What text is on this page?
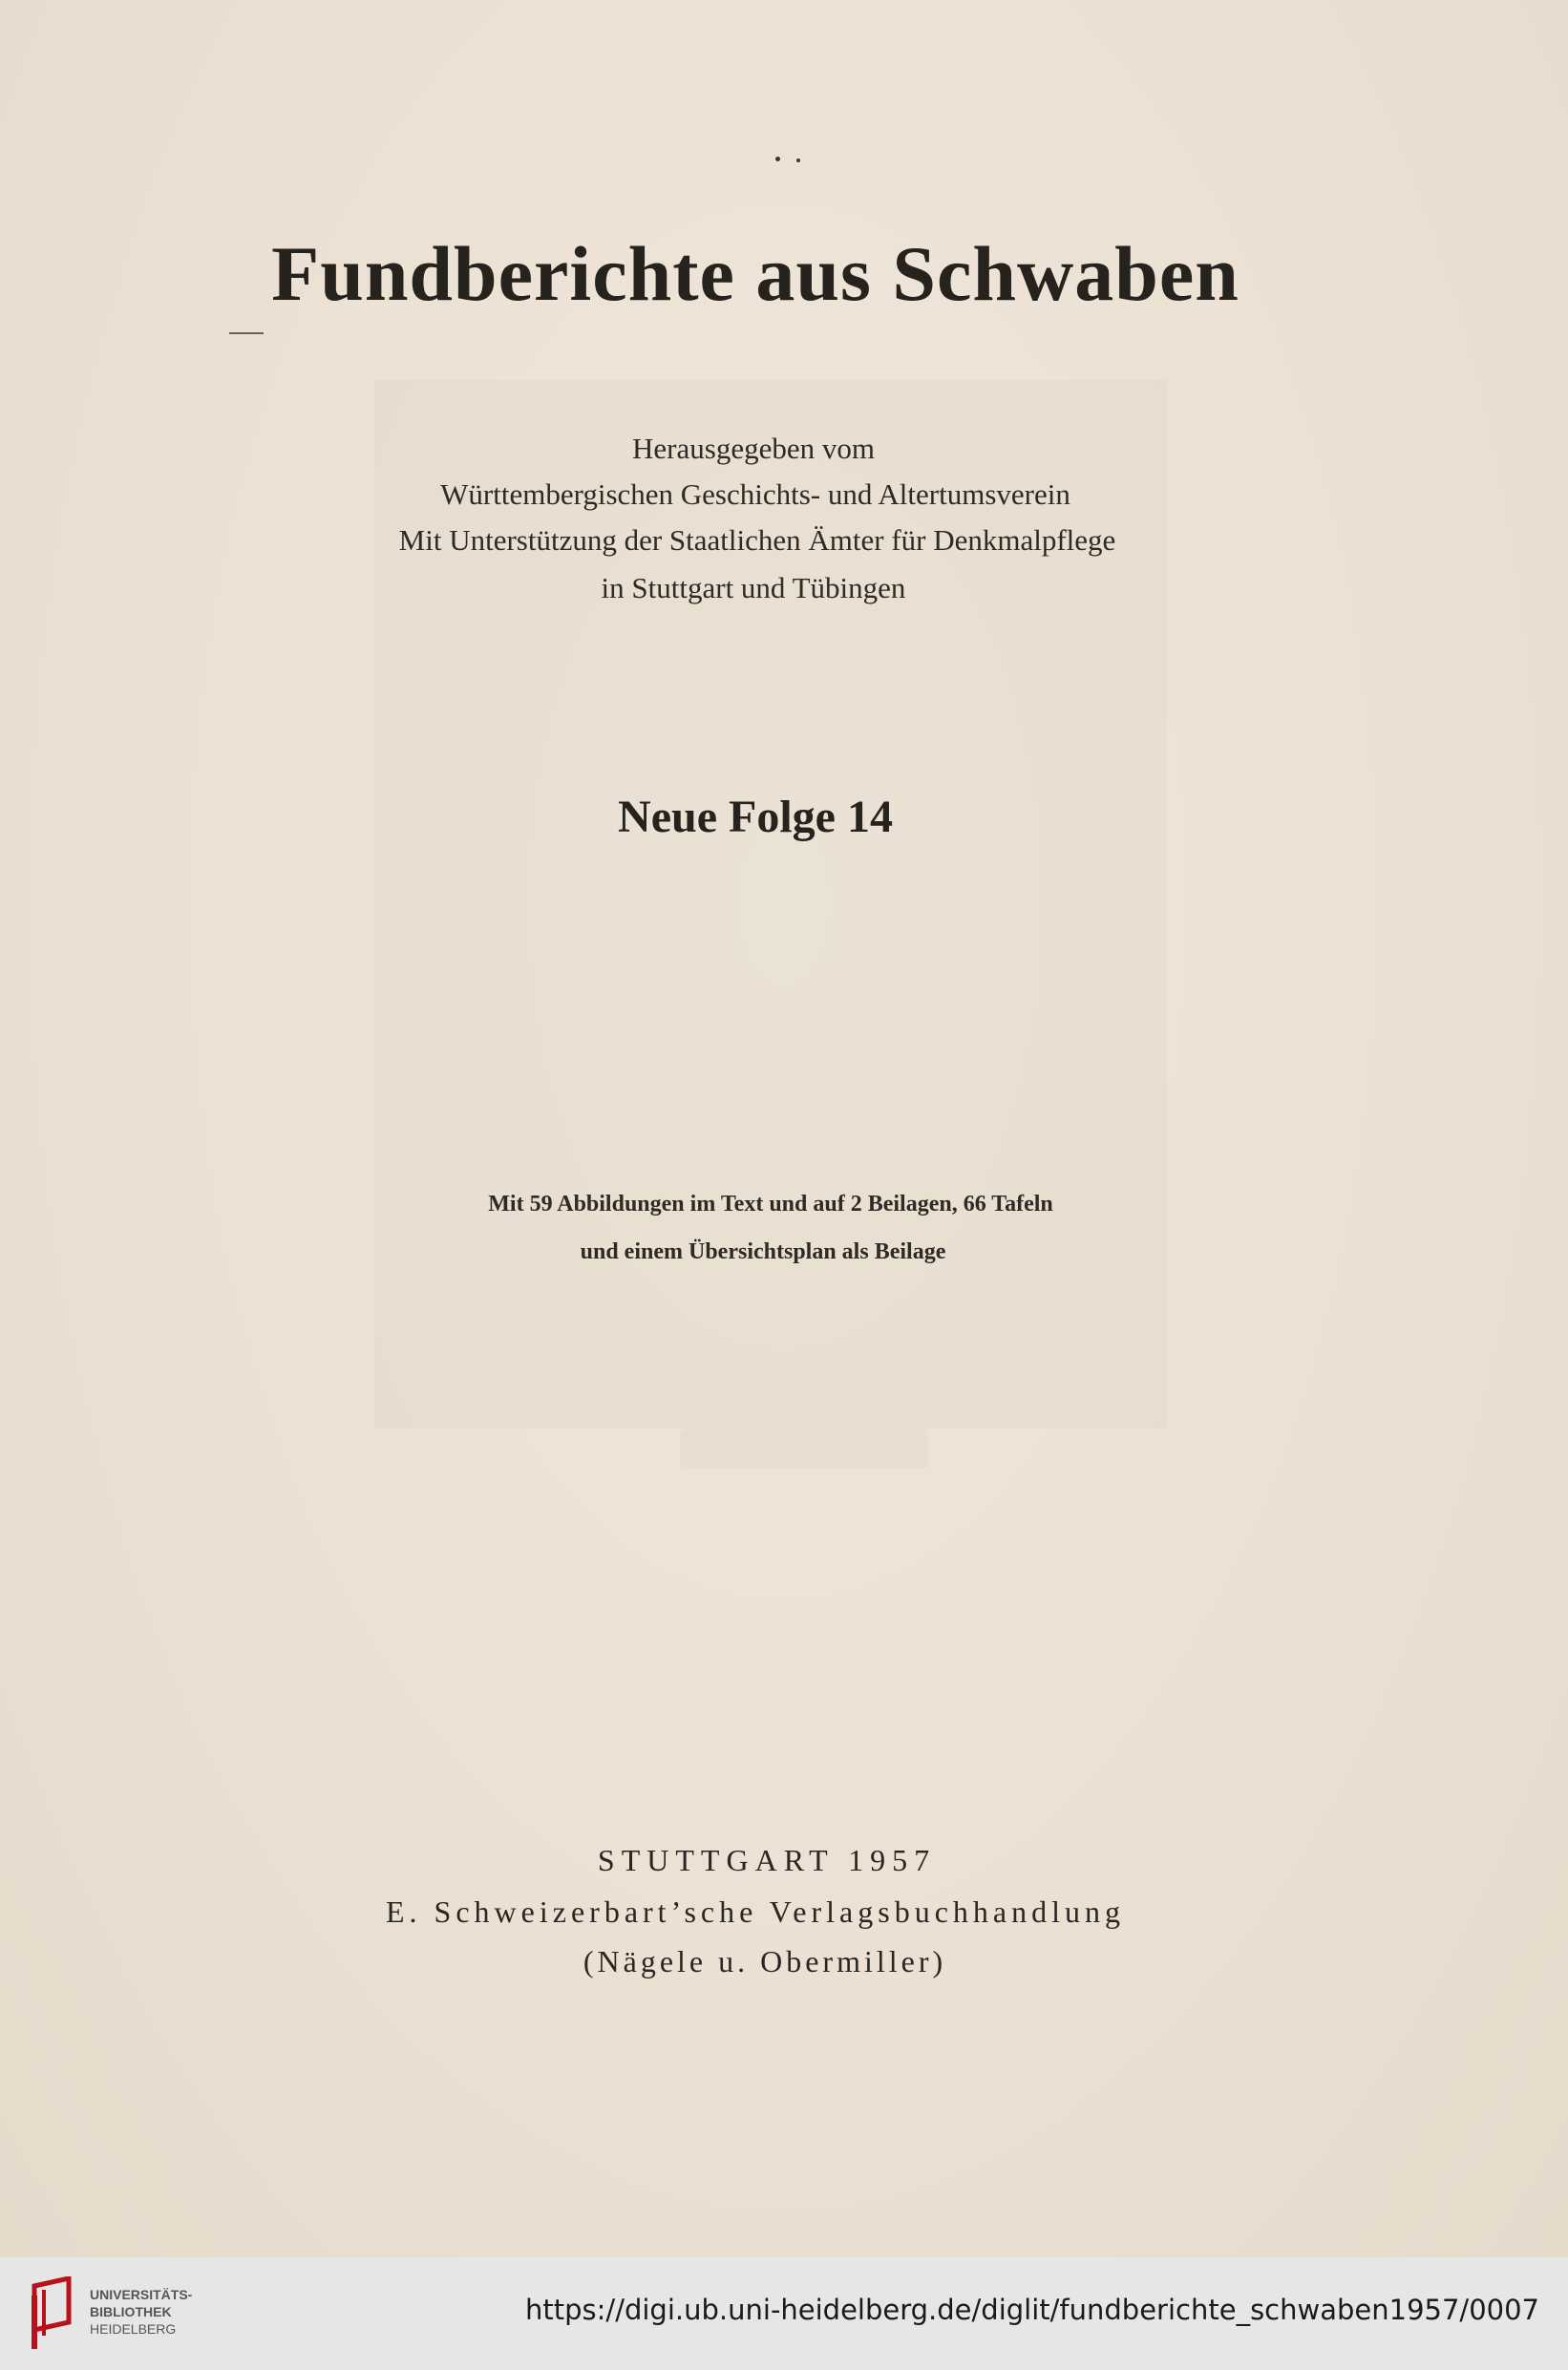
Fundberichte aus Schwaben
Herausgegeben vom
Württembergischen Geschichts- und Altertumsverein
Mit Unterstützung der Staatlichen Ämter für Denkmalpflege
in Stuttgart und Tübingen
Neue Folge 14
Mit 59 Abbildungen im Text und auf 2 Beilagen, 66 Tafeln
und einem Übersichtsplan als Beilage
STUTTGART 1957
E. Schweizerbart’sche Verlagsbuchhandlung
(Nägele u. Obermiller)
UNIVERSITÄTS-
BIBLIOTHEK
HEIDELBERG
https://digi.ub.uni-heidelberg.de/diglit/fundberichte_schwaben1957/0007
